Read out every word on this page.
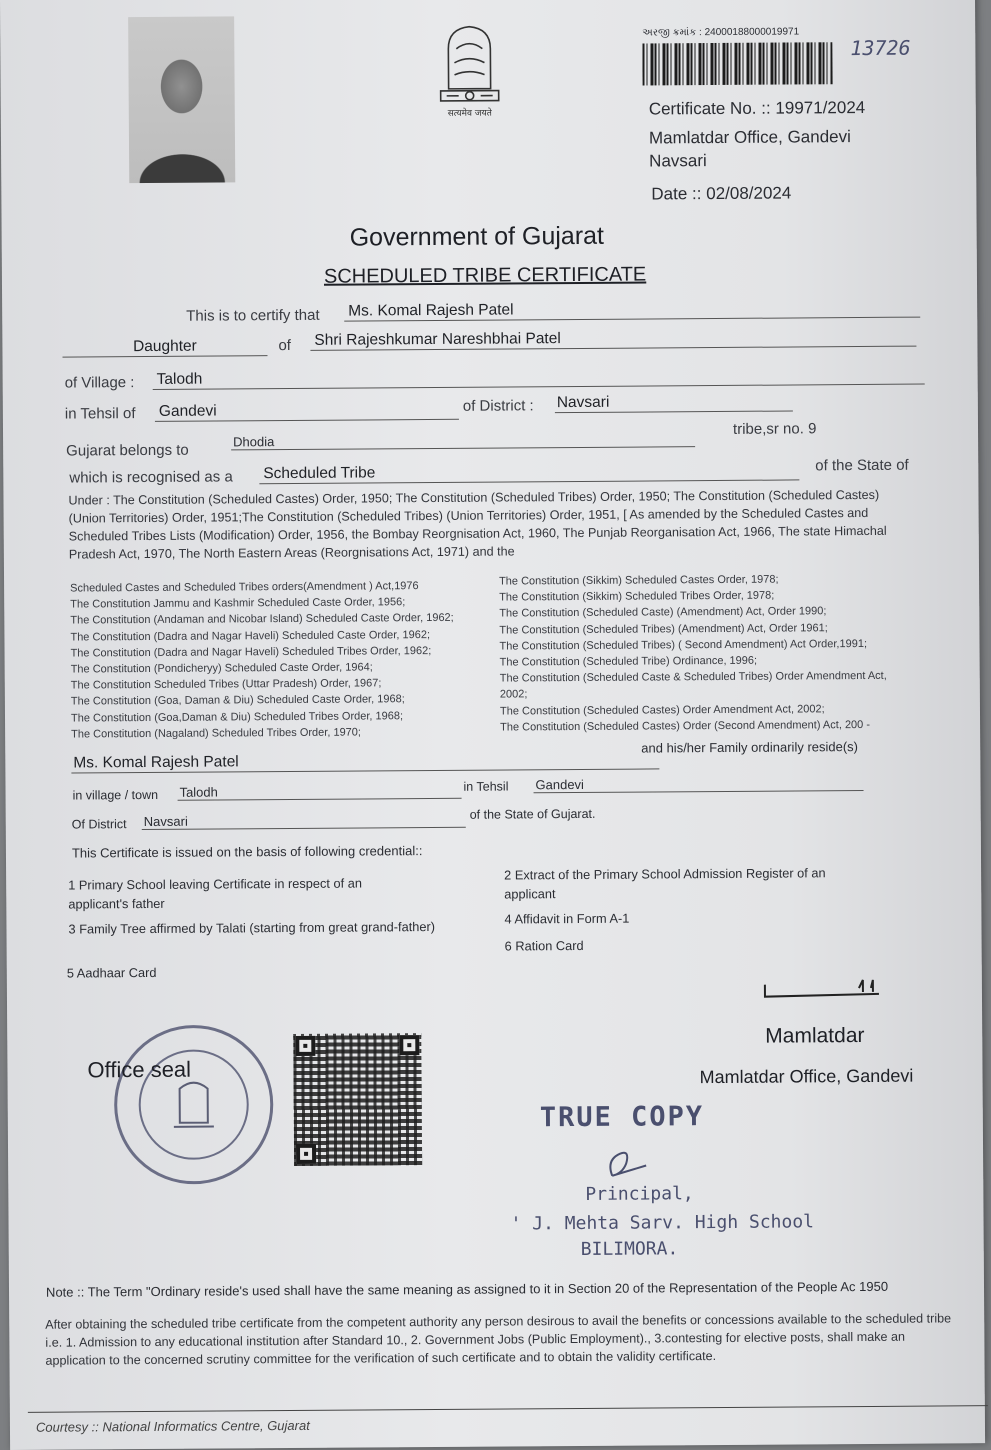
सत्यमेव जयते
અરજી ક્રમાંક : 24000188000019971
13726
Certificate No. :: 19971/2024
Mamlatdar Office, Gandevi
Navsari
Date :: 02/08/2024
Government of Gujarat
SCHEDULED TRIBE CERTIFICATE
This is to certify that Ms. Komal Rajesh Patel
Daughter	of Shri Rajeshkumar Nareshbhai Patel
of Village : Talodh
in Tehsil of Gandevi	of District : Navsari
Gujarat belongs to	Dhodia
tribe,sr no. 9
which is recognised as a Scheduled Tribe	of the State of
Under : The Constitution (Scheduled Castes) Order, 1950; The Constitution (Scheduled Tribes) Order, 1950; The Constitution (Scheduled Castes) (Union Territories) Order, 1951;The Constitution (Scheduled Tribes) (Union Territories) Order, 1951, [ As amended by the Scheduled Castes and Scheduled Tribes Lists (Modification) Order, 1956, the Bombay Reorgnisation Act, 1960, The Punjab Reorganisation Act, 1966, The state Himachal Pradesh Act, 1970, The North Eastern Areas (Reorgnisations Act, 1971) and the
Scheduled Castes and Scheduled Tribes orders(Amendment ) Act,1976
The Constitution Jammu and Kashmir Scheduled Caste Order, 1956;
The Constitution (Andaman and Nicobar Island) Scheduled Caste Order, 1962;
The Constitution (Dadra and Nagar Haveli) Scheduled Caste Order, 1962;
The Constitution (Dadra and Nagar Haveli) Scheduled Tribes Order, 1962;
The Constitution (Pondicheryy) Scheduled Caste Order, 1964;
The Constitution Scheduled Tribes (Uttar Pradesh) Order, 1967;
The Constitution (Goa, Daman & Diu) Scheduled Caste Order, 1968;
The Constitution (Goa,Daman & Diu) Scheduled Tribes Order, 1968;
The Constitution (Nagaland) Scheduled Tribes Order, 1970;
The Constitution (Sikkim) Scheduled Castes Order, 1978;
The Constitution (Sikkim) Scheduled Tribes Order, 1978;
The Constitution (Scheduled Caste) (Amendment) Act, Order 1990;
The Constitution (Scheduled Tribes) (Amendment) Act, Order 1961;
The Constitution (Scheduled Tribes) ( Second Amendment) Act Order,1991;
The Constitution (Scheduled Tribe) Ordinance, 1996;
The Constitution (Scheduled Caste & Scheduled Tribes) Order Amendment Act,
2002;
The Constitution (Scheduled Castes) Order Amendment Act, 2002;
The Constitution (Scheduled Castes) Order (Second Amendment) Act, 200 -
Ms. Komal Rajesh Patel
and his/her Family ordinarily reside(s)
in village / town Talodh	in Tehsil Gandevi
Of District Navsari	of the State of Gujarat.
This Certificate is issued on the basis of following credential::
1 Primary School leaving Certificate in respect of an applicant's father
2 Extract of the Primary School Admission Register of an applicant
3 Family Tree affirmed by Talati (starting from great grand-father)
4 Affidavit in Form A-1
6 Ration Card
5 Aadhaar Card
Mamlatdar
Mamlatdar Office, Gandevi
Office seal
TRUE COPY
Principal,
' J. Mehta Sarv. High School
BILIMORA.
Note :: The Term "Ordinary reside's used shall have the same meaning as assigned to it in Section 20 of the Representation of the People Ac 1950
After obtaining the scheduled tribe certificate from the competent authority any person desirous to avail the benefits or concessions available to the scheduled tribe i.e. 1. Admission to any educational institution after Standard 10., 2. Government Jobs (Public Employment)., 3.contesting for elective posts, shall make an application to the concerned scrutiny committee for the verification of such certificate and to obtain the validity certificate.
Courtesy :: National Informatics Centre, Gujarat
